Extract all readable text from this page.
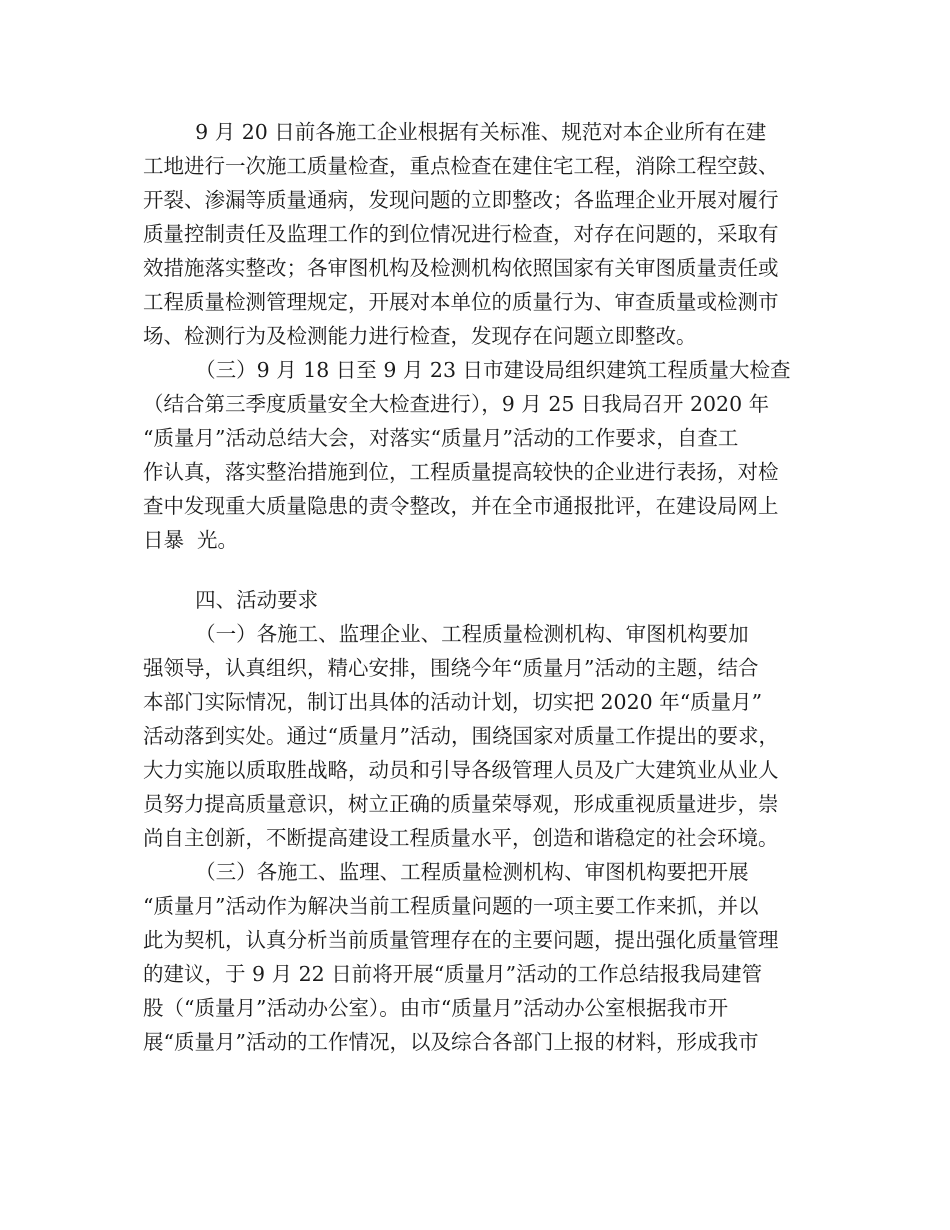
9 月 20 日前各施工企业根据有关标准、规范对本企业所有在建
工地进行一次施工质量检查，重点检查在建住宅工程，消除工程空鼓、
开裂、渗漏等质量通病，发现问题的立即整改；各监理企业开展对履行
质量控制责任及监理工作的到位情况进行检查，对存在问题的，采取有
效措施落实整改；各审图机构及检测机构依照国家有关审图质量责任或
工程质量检测管理规定，开展对本单位的质量行为、审查质量或检测市
场、检测行为及检测能力进行检查，发现存在问题立即整改。
（三）9 月 18 日至 9 月 23 日市建设局组织建筑工程质量大检查
（结合第三季度质量安全大检查进行），9 月 25 日我局召开 2020 年
“质量月”活动总结大会，对落实“质量月”活动的工作要求，自查工
作认真，落实整治措施到位，工程质量提高较快的企业进行表扬，对检
查中发现重大质量隐患的责令整改，并在全市通报批评，在建设局网上
日暴  光。
四、活动要求
（一）各施工、监理企业、工程质量检测机构、审图机构要加
强领导，认真组织，精心安排，围绕今年“质量月”活动的主题，结合
本部门实际情况，制订出具体的活动计划，切实把 2020 年“质量月”
活动落到实处。通过“质量月”活动，围绕国家对质量工作提出的要求，
大力实施以质取胜战略，动员和引导各级管理人员及广大建筑业从业人
员努力提高质量意识，树立正确的质量荣辱观，形成重视质量进步，崇
尚自主创新，不断提高建设工程质量水平，创造和谐稳定的社会环境。
（三）各施工、监理、工程质量检测机构、审图机构要把开展
“质量月”活动作为解决当前工程质量问题的一项主要工作来抓，并以
此为契机，认真分析当前质量管理存在的主要问题，提出强化质量管理
的建议，于 9 月 22 日前将开展“质量月”活动的工作总结报我局建管
股（“质量月”活动办公室）。由市“质量月”活动办公室根据我市开
展“质量月”活动的工作情况，以及综合各部门上报的材料，形成我市
